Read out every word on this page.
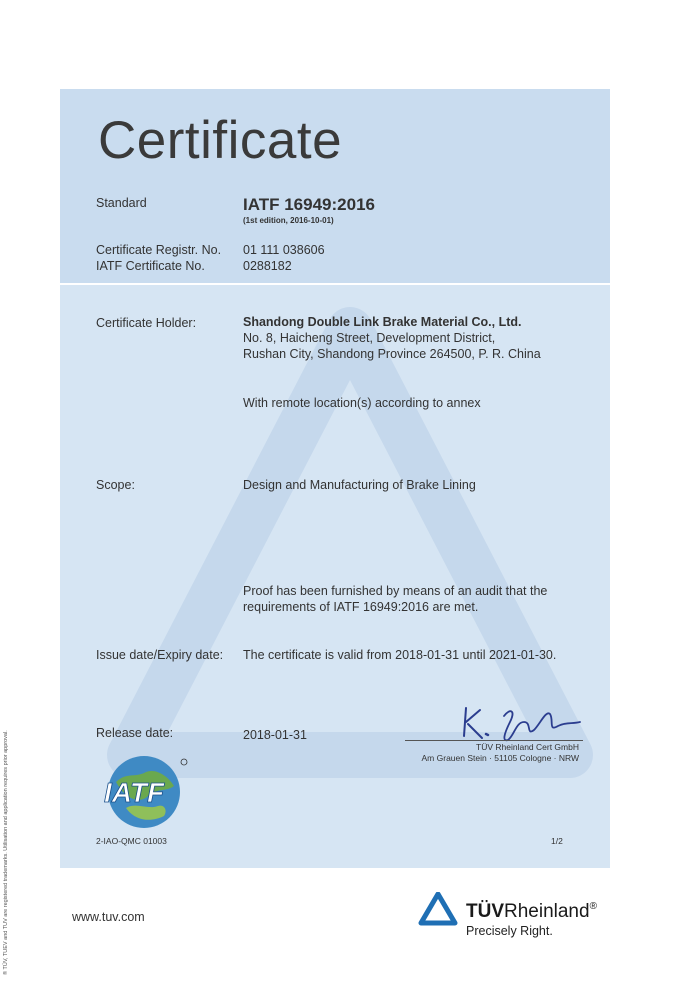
Certificate
Standard	IATF 16949:2016
(1st edition, 2016-10-01)
Certificate Registr. No. 01 111 038606
IATF Certificate No.	0288182
Certificate Holder:	Shandong Double Link Brake Material Co., Ltd.
No. 8, Haicheng Street, Development District,
Rushan City, Shandong Province 264500, P. R. China
With remote location(s) according to annex
Scope:	Design and Manufacturing of Brake Lining
Proof has been furnished by means of an audit that the
requirements of IATF 16949:2016 are met.
Issue date/Expiry date: The certificate is valid from 2018-01-31 until 2021-01-30.
Release date:	2018-01-31
TÜV Rheinland Cert GmbH
Am Grauen Stein · 51105 Cologne · NRW
IATF
2-IAO-QMC 01003	1/2
www.tuv.com	TÜVRheinland®
Precisely Right.
® TÜV, TUEV and TUV are registered trademarks. Utilisation and application requires prior approval.
